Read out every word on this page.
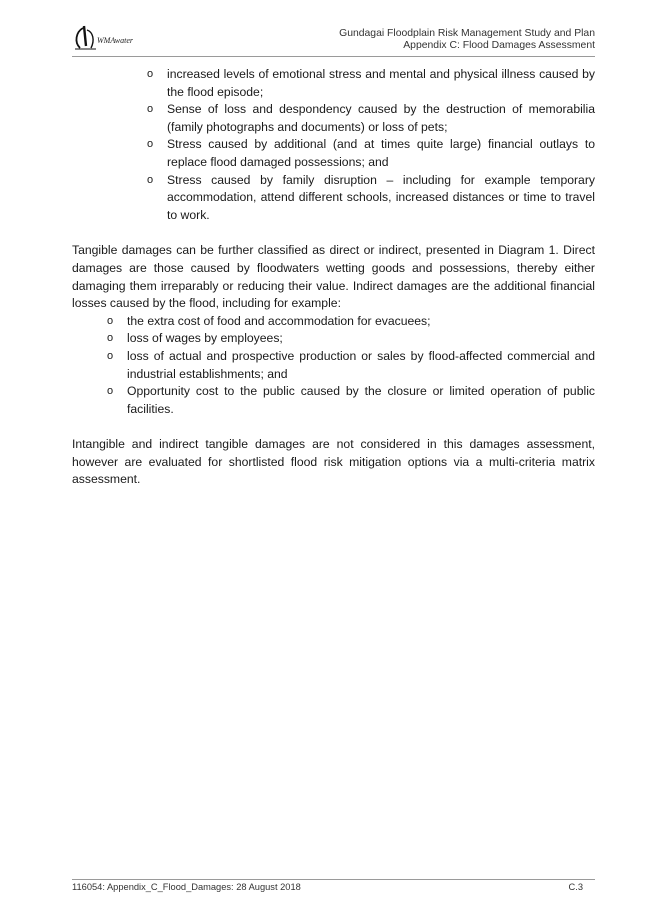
WMAwater
Gundagai Floodplain Risk Management Study and Plan
Appendix C: Flood Damages Assessment
o increased levels of emotional stress and mental and physical illness caused by the flood episode;
o Sense of loss and despondency caused by the destruction of memorabilia (family photographs and documents) or loss of pets;
o Stress caused by additional (and at times quite large) financial outlays to replace flood damaged possessions; and
o Stress caused by family disruption – including for example temporary accommodation, attend different schools, increased distances or time to travel to work.

Tangible damages can be further classified as direct or indirect, presented in Diagram 1. Direct damages are those caused by floodwaters wetting goods and possessions, thereby either damaging them irreparably or reducing their value. Indirect damages are the additional financial losses caused by the flood, including for example:

o the extra cost of food and accommodation for evacuees;
o loss of wages by employees;
o loss of actual and prospective production or sales by flood-affected commercial and industrial establishments; and
o Opportunity cost to the public caused by the closure or limited operation of public facilities.

Intangible and indirect tangible damages are not considered in this damages assessment, however are evaluated for shortlisted flood risk mitigation options via a multi-criteria matrix assessment.

116054: Appendix_C_Flood_Damages: 28 August 2018	C.3
